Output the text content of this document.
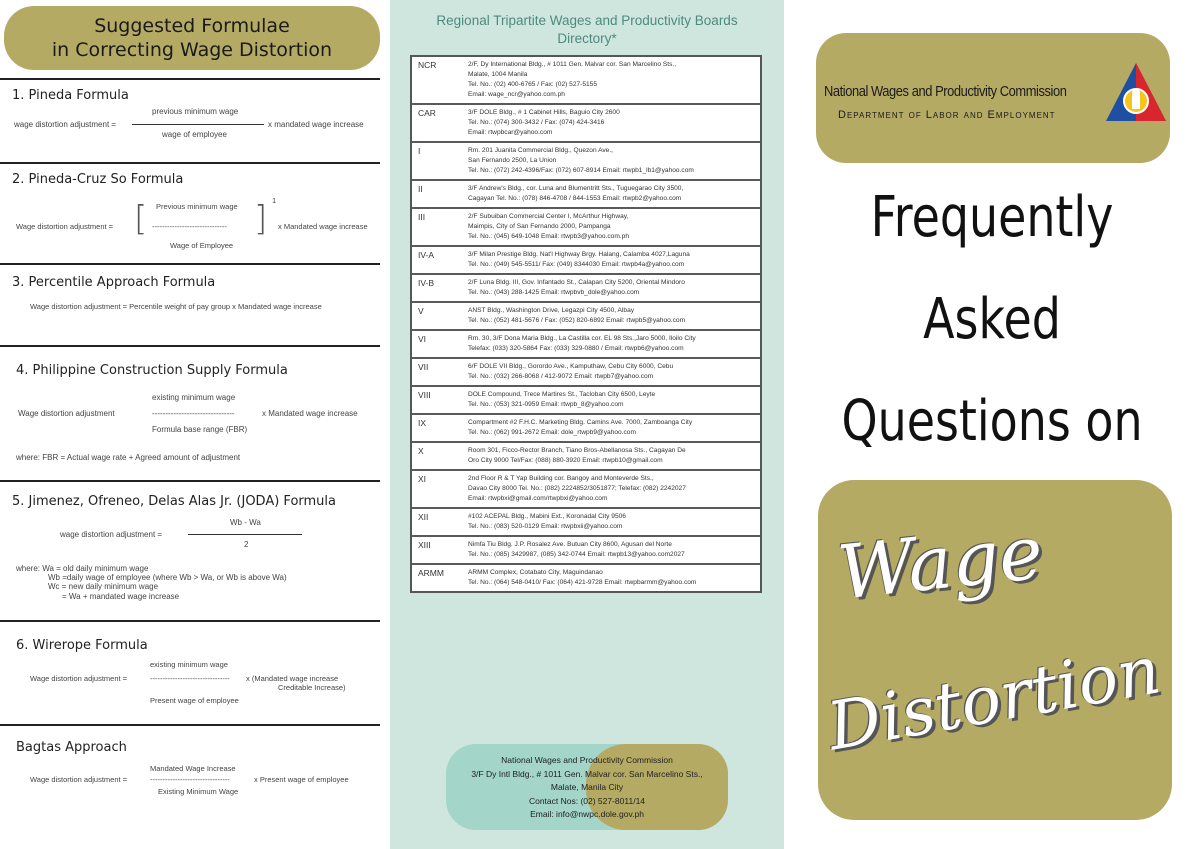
Suggested Formulae
in Correcting Wage Distortion
1. Pineda Formula
wage distortion adjustment =
previous minimum wage
wage of employee
x mandated wage increase
2. Pineda-Cruz So Formula
Wage distortion adjustment = [ Previous minimum wage
------------------------------
Wage of Employee
] 1
x Mandated wage increase
3. Percentile Approach Formula
Wage distortion adjustment = Percentile weight of pay group x Mandated wage increase
4. Philippine Construction Supply Formula
existing minimum wage
Wage distortion adjustment	-------------------------------	x Mandated wage increase
Formula base range (FBR)
where: FBR = Actual wage rate + Agreed amount of adjustment
5. Jimenez, Ofreneo, Delas Alas Jr. (JODA) Formula
wage distortion adjustment =
Wb - Wa
2
where: Wa = old daily minimum wage
Wb =daily wage of employee (where Wb > Wa, or Wb is above Wa)
Wc = new daily minimum wage
= Wa + mandated wage increase
6. Wirerope Formula
existing minimum wage
Wage distortion adjustment =	-------------------------------- x (Mandated wage increase
Creditable Increase)
Present wage of employee
Bagtas Approach
Mandated Wage Increase
Wage distortion adjustment =	--------------------------------	x Present wage of employee
Existing Minimum Wage
Regional Tripartite Wages and Productivity Boards
Directory*
NCR	2/F, Dy International Bldg., # 1011 Gen. Malvar cor. San Marcelino Sts.,
Malate, 1004 Manila
Tel. No.: (02) 400-6765 / Fax: (02) 527-5155
Email: wage_ncr@yahoo.com.ph
CAR	3/F DOLE Bldg., # 1 Cabinet Hills, Baguio City 2600
Tel. No.: (074) 300-3432 / Fax: (074) 424-3416
Email: rtwpbcar@yahoo.com
I	Rm. 201 Juanita Commercial Bldg., Quezon Ave.,
San Fernando 2500, La Union
Tel. No.: (072) 242-4396/Fax: (072) 607-8914 Email: rtwpb1_lb1@yahoo.com
II	3/F Andrew's Bldg., cor. Luna and Blumentritt Sts., Tuguegarao City 3500,
Cagayan Tel. No.: (078) 846-4708 / 844-1553 Email: rtwpb2@yahoo.com
III	2/F Subuiban Commercial Center I, McArthur Highway,
Maimpis, City of San Fernando 2000, Pampanga
Tel. No.: (045) 649-1048 Email: rtwpb3@yahoo.com.ph
IV-A	3/F Milan Prestige Bldg. Nat'l Highway Brgy. Halang, Calamba 4027,Laguna
Tel. No.: (049) 545-5511/ Fax: (049) 8344030 Email: rtwpb4a@yahoo.com
IV-B	2/F Luna Bldg. III, Gov. Infantado St., Calapan City 5200, Oriental Mindoro
Tel. No.: (043) 288-1425 Email: rtwpbvb_dole@yahoo.com
V	ANST Bldg., Washington Drive, Legazpi City 4500, Albay
Tel. No.: (052) 481-5676 / Fax: (052) 820-6892 Email: rtwpb5@yahoo.com
VI	Rm. 30, 3/F Dona Maria Bldg., La Castilla cor. EL 98 Sts.,Jaro 5000, Iloilo City
Telefax: (033) 320-5864 Fax: (033) 329-0880 / Email: rtwpb6@yahoo.com
VII	6/F DOLE VII Bldg., Gorordo Ave., Kamputhaw, Cebu City 6000, Cebu
Tel. No.: (032) 266-8068 / 412-9072 Email: rtwpb7@yahoo.com
VIII	DOLE Compound, Trece Martires St., Tacloban City 6500, Leyte
Tel. No.: (053) 321-0959 Email: rtwpb_8@yahoo.com
IX	Compartment #2 F.H.C. Marketing Bldg. Camins Ave. 7000, Zamboanga City
Tel. No.: (062) 991-2672 Email: dole_rtwpb9@yahoo.com
X	Room 301, Ficco-Rector Branch, Tiano Bros-Abellanosa Sts., Cagayan De
Oro City 9000 Tel/Fax: (088) 880-3920 Email: rtwpb10@gmail.com
XI	2nd Floor R & T Yap Building cor. Bangoy and Monteverde Sts.,
Davao City 8000 Tel. No.: (082) 2224852/3051877; Telefax: (082) 2242027
Email: rtwpbxi@gmail.com/rtwpbxi@yahoo.com
XII	#102 ACEPAL Bldg., Mabini Ext., Koronadal City 9506
Tel. No.: (083) 520-0129 Email: rtwpbxii@yahoo.com
XIII	Nimfa Tiu Bldg. J.P. Rosalez Ave. Butuan City 8600, Agusan del Norte
Tel. No.: (085) 3429987, (085) 342-0744 Email: rtwpb13@yahoo.com2027
ARMM	ARMM Complex, Cotabato City, Maguindanao
Tel. No.: (064) 548-0410/ Fax: (064) 421-9728 Email: rtwpbarmm@yahoo.com
National Wages and Productivity Commission
3/F Dy Intl Bldg., # 1011 Gen. Malvar cor. San Marcelino Sts.,
Malate, Manila City
Contact Nos: (02) 527-8011/14
Email: info@nwpc.dole.gov.ph
National Wages and Productivity Commission
Department of Labor and Employment
Frequently
Asked
Questions on
Wage
Distortion
